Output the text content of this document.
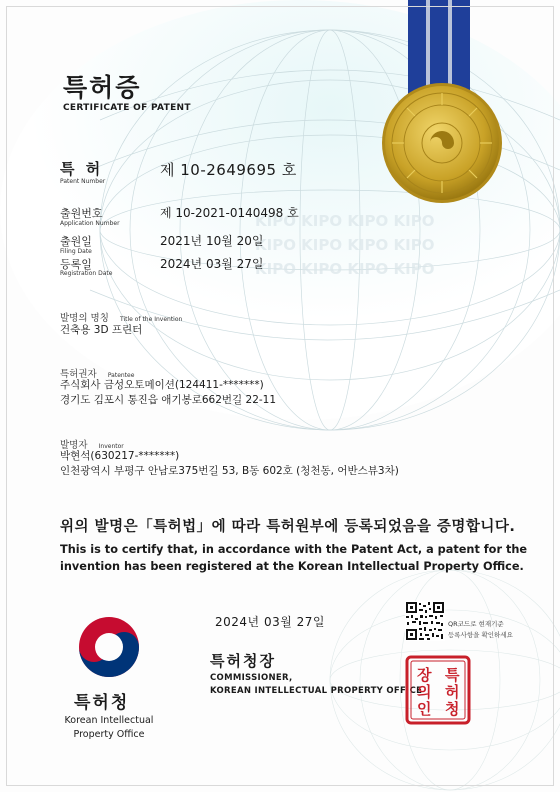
KIPO KIPO KIPO KIPO
KIPO KIPO KIPO KIPO
KIPO KIPO KIPO KIPO
특허증
CERTIFICATE OF PATENT
특 허
Patent Number
제 10-2649695 호
출원번호
Application Number
제 10-2021-0140498 호
출원일
Filing Date
2021년 10월 20일
등록일
Registration Date
2024년 03월 27일
발명의 명칭 Title of the Invention
건축용 3D 프린터
특허권자 Patentee
주식회사 금성오토메이션(124411-*******)
경기도 김포시 통진읍 애기봉로662번길 22-11
발명자 Inventor
박현석(630217-*******)
인천광역시 부평구 안남로375번길 53, B동 602호 (청천동, 어반스뷰3차)
위의 발명은「특허법」에 따라 특허원부에 등록되었음을 증명합니다.
This is to certify that, in accordance with the Patent Act, a patent for the
invention has been registered at the Korean Intellectual Property Office.
2024년 03월 27일
특허청장
COMMISSIONER,
KOREAN INTELLECTUAL PROPERTY OFFICE
QR코드로 현재기준
등록사항을 확인하세요
특
허
청
장
의
인
특허청
Korean Intellectual
Property Office
